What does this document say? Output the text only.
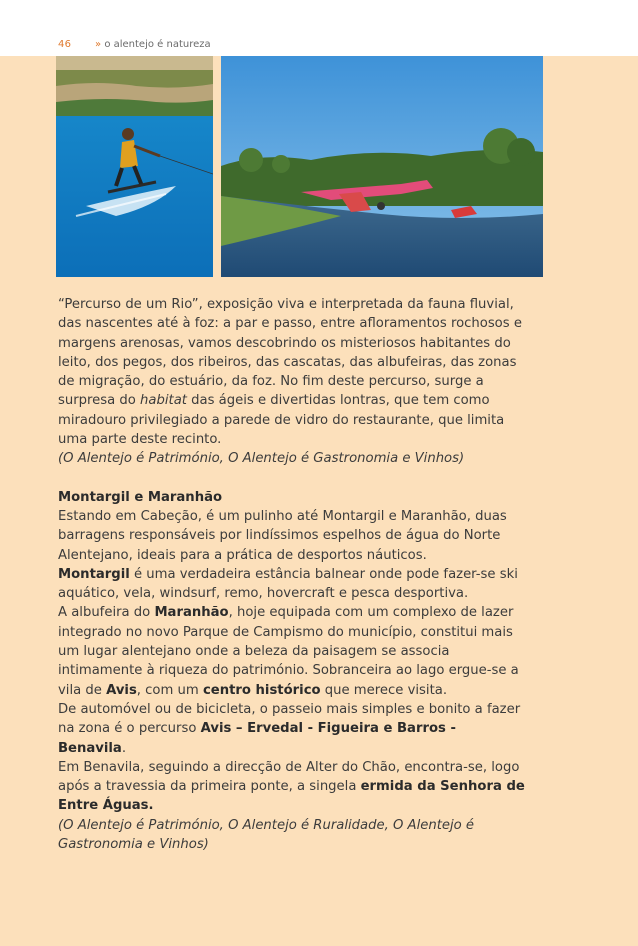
46 » o alentejo é natureza

“Percurso de um Rio”, exposição viva e interpretada da fauna fluvial, das nascentes até à foz: a par e passo, entre afloramentos rochosos e margens arenosas, vamos descobrindo os misteriosos habitantes do leito, dos pegos, dos ribeiros, das cascatas, das albufeiras, das zonas de migração, do estuário, da foz. No fim deste percurso, surge a surpresa do habitat das ágeis e divertidas lontras, que tem como miradouro privilegiado a parede de vidro do restaurante, que limita uma parte deste recinto.

(O Alentejo é Património, O Alentejo é Gastronomia e Vinhos)

Montargil e Maranhão

Estando em Cabeção, é um pulinho até Montargil e Maranhão, duas barragens responsáveis por lindíssimos espelhos de água do Norte Alentejano, ideais para a prática de desportos náuticos.

Montargil é uma verdadeira estância balnear onde pode fazer-se ski aquático, vela, windsurf, remo, hovercraft e pesca desportiva.

A albufeira do Maranhão, hoje equipada com um complexo de lazer integrado no novo Parque de Campismo do município, constitui mais um lugar alentejano onde a beleza da paisagem se associa intimamente à riqueza do património. Sobranceira ao lago ergue-se a vila de Avis, com um centro histórico que merece visita.

De automóvel ou de bicicleta, o passeio mais simples e bonito a fazer na zona é o percurso Avis – Ervedal - Figueira e Barros - Benavila.

Em Benavila, seguindo a direcção de Alter do Chão, encontra-se, logo após a travessia da primeira ponte, a singela ermida da Senhora de Entre Águas.

(O Alentejo é Património, O Alentejo é Ruralidade, O Alentejo é Gastronomia e Vinhos)
